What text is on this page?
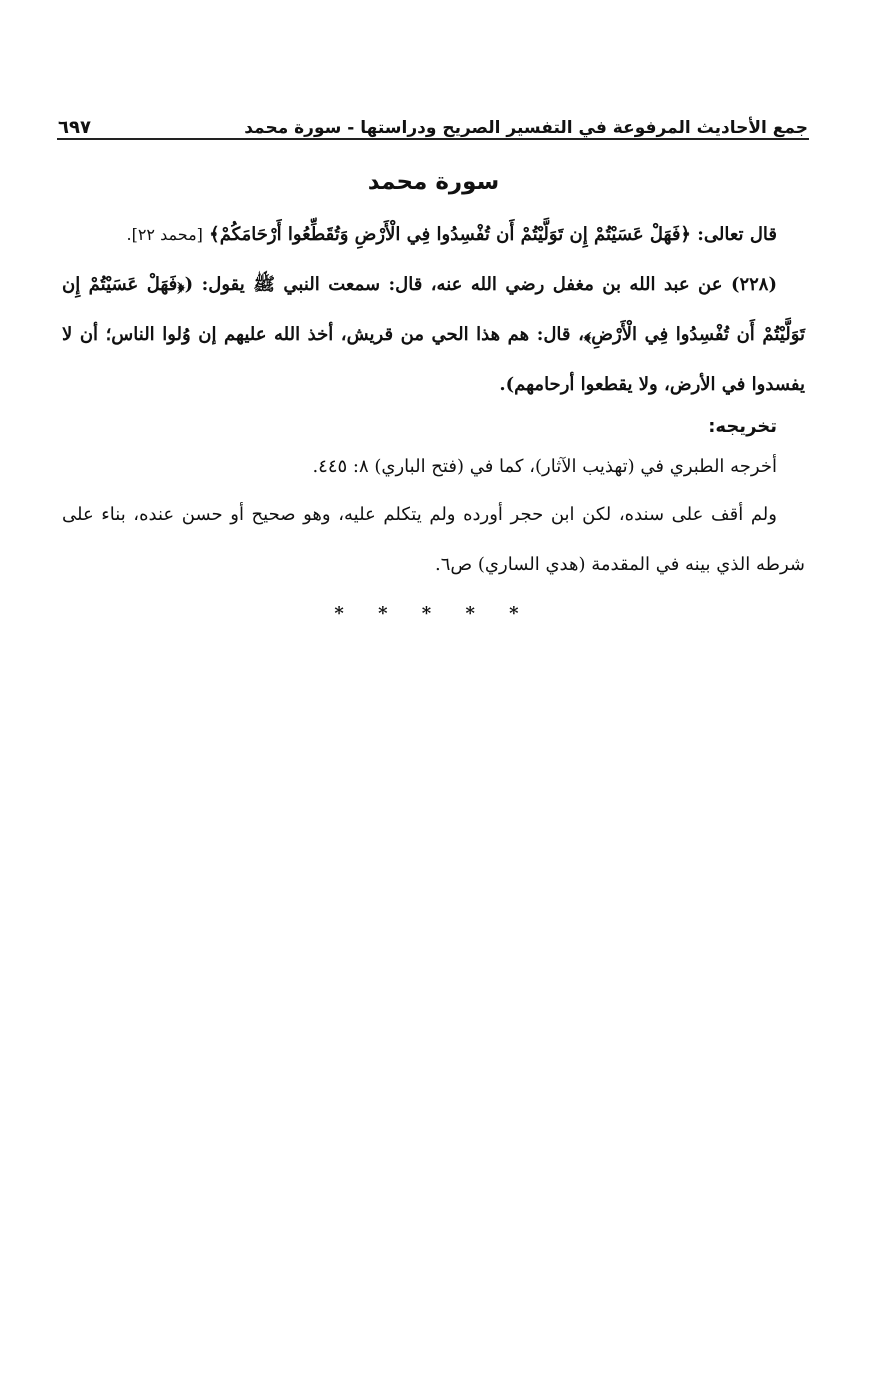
جمع الأحاديث المرفوعة في التفسير الصريح ودراستها - سورة محمد
٦٩٧
سورة محمد

قال تعالى: ﴿فَهَلْ عَسَيْتُمْ إِن تَوَلَّيْتُمْ أَن تُفْسِدُوا فِي الْأَرْضِ وَتُقَطِّعُوا أَرْحَامَكُمْ﴾ [محمد ٢٢].

(٢٢٨) عن عبد الله بن مغفل رضي الله عنه، قال: سمعت النبي ﷺ يقول: (﴿فَهَلْ عَسَيْتُمْ إِن تَوَلَّيْتُمْ أَن تُفْسِدُوا فِي الْأَرْضِ﴾، قال: هم هذا الحي من قريش، أخذ الله عليهم إن وُلوا الناس؛ أن لا يفسدوا في الأرض، ولا يقطعوا أرحامهم).

تخريجه:

أخرجه الطبري في (تهذيب الآثار)، كما في (فتح الباري) ٨: ٤٤٥.

ولم أقف على سنده، لكن ابن حجر أورده ولم يتكلم عليه، وهو صحيح أو حسن عنده، بناء على شرطه الذي بينه في المقدمة (هدي الساري) ص٦.

* * * * *
